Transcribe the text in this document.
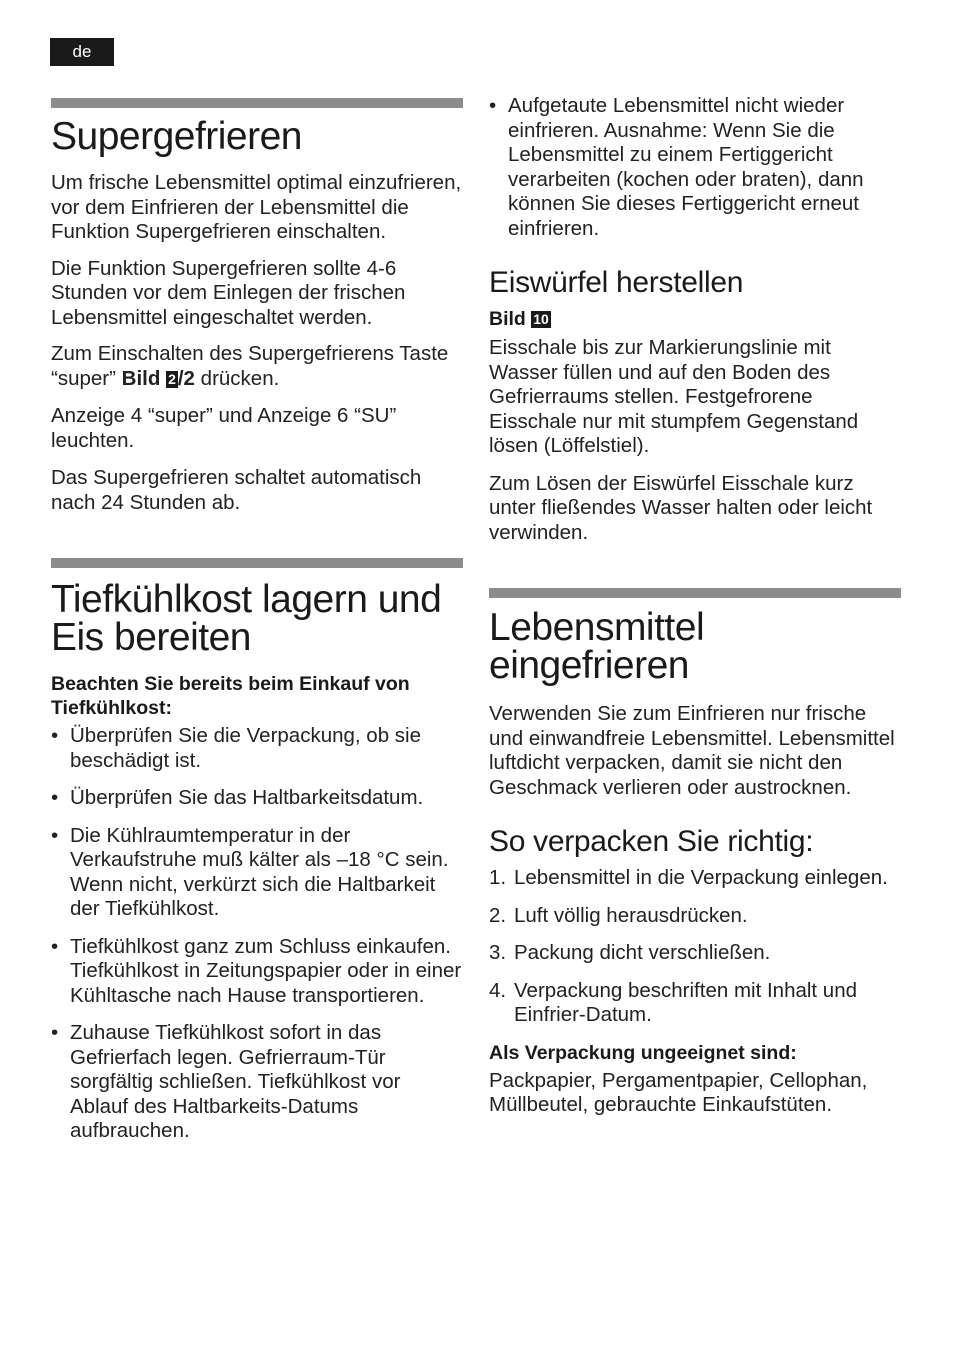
de
Supergefrieren

Um frische Lebensmittel optimal einzufrieren, vor dem Einfrieren der Lebensmittel die Funktion Supergefrieren einschalten.

Die Funktion Supergefrieren sollte 4-6 Stunden vor dem Einlegen der frischen Lebensmittel eingeschaltet werden.

Zum Einschalten des Supergefrierens Taste “super” Bild 2/2 drücken.

Anzeige 4 “super” und Anzeige 6 “SU” leuchten.

Das Supergefrieren schaltet automatisch nach 24 Stunden ab.

Tiefkühlkost lagern und Eis bereiten
Beachten Sie bereits beim Einkauf von Tiefkühlkost:
• Überprüfen Sie die Verpackung, ob sie beschädigt ist.
• Überprüfen Sie das Haltbarkeitsdatum.
• Die Kühlraumtemperatur in der Verkaufstruhe muß kälter als –18 °C sein. Wenn nicht, verkürzt sich die Haltbarkeit der Tiefkühlkost.
• Tiefkühlkost ganz zum Schluss einkaufen. Tiefkühlkost in Zeitungspapier oder in einer Kühltasche nach Hause transportieren.
• Zuhause Tiefkühlkost sofort in das Gefrierfach legen. Gefrierraum-Tür sorgfältig schließen. Tiefkühlkost vor Ablauf des Haltbarkeits-Datums aufbrauchen.
• Aufgetaute Lebensmittel nicht wieder einfrieren. Ausnahme: Wenn Sie die Lebensmittel zu einem Fertiggericht verarbeiten (kochen oder braten), dann können Sie dieses Fertiggericht erneut einfrieren.
Eiswürfel herstellen
Bild 10

Eisschale bis zur Markierungslinie mit Wasser füllen und auf den Boden des Gefrierraums stellen. Festgefrorene Eisschale nur mit stumpfem Gegenstand lösen (Löffelstiel).

Zum Lösen der Eiswürfel Eisschale kurz unter fließendes Wasser halten oder leicht verwinden.

Lebensmittel eingefrieren

Verwenden Sie zum Einfrieren nur frische und einwandfreie Lebensmittel. Lebensmittel luftdicht verpacken, damit sie nicht den Geschmack verlieren oder austrocknen.

So verpacken Sie richtig:
1. Lebensmittel in die Verpackung einlegen.
2. Luft völlig herausdrücken.
3. Packung dicht verschließen.
4. Verpackung beschriften mit Inhalt und Einfrier-Datum.
Als Verpackung ungeeignet sind:

Packpapier, Pergamentpapier, Cellophan, Müllbeutel, gebrauchte Einkaufstüten.
